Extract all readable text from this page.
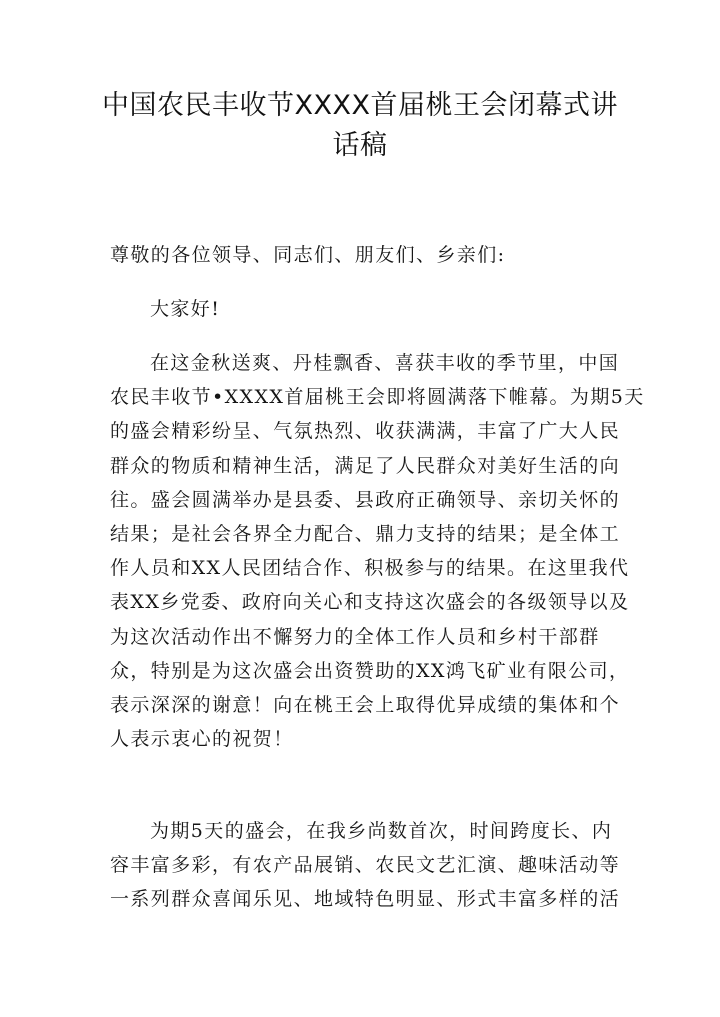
中国农民丰收节XXXX首届桃王会闭幕式讲
话稿

尊敬的各位领导、同志们、朋友们、乡亲们:

大家好!

在这金秋送爽、丹桂飘香、喜获丰收的季节里，中国
农民丰收节•XXXX首届桃王会即将圆满落下帷幕。为期5天
的盛会精彩纷呈、气氛热烈、收获满满，丰富了广大人民
群众的物质和精神生活，满足了人民群众对美好生活的向
往。盛会圆满举办是县委、县政府正确领导、亲切关怀的
结果；是社会各界全力配合、鼎力支持的结果；是全体工
作人员和XX人民团结合作、积极参与的结果。在这里我代
表XX乡党委、政府向关心和支持这次盛会的各级领导以及
为这次活动作出不懈努力的全体工作人员和乡村干部群
众，特别是为这次盛会出资赞助的XX鸿飞矿业有限公司，
表示深深的谢意！向在桃王会上取得优异成绩的集体和个
人表示衷心的祝贺！
为期5天的盛会，在我乡尚数首次，时间跨度长、内
容丰富多彩，有农产品展销、农民文艺汇演、趣味活动等
一系列群众喜闻乐见、地域特色明显、形式丰富多样的活
